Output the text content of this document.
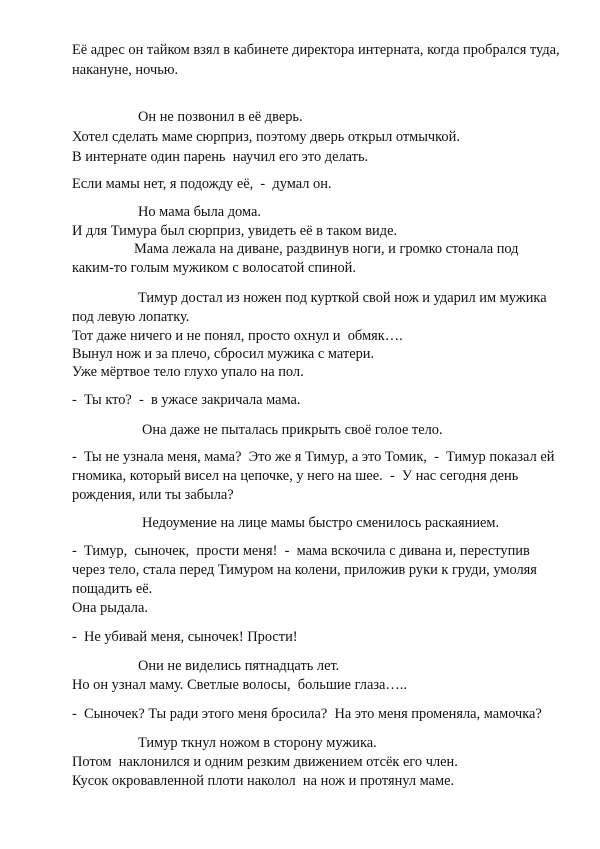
Её адрес он тайком взял в кабинете директора интерната, когда пробрался туда,
накануне, ночью.
Он не позвонил в её дверь.
Хотел сделать маме сюрприз, поэтому дверь открыл отмычкой.
В интернате один парень  научил его это делать.
Если мамы нет, я подожду её,  -  думал он.
Но мама была дома.
И для Тимура был сюрприз, увидеть её в таком виде.
Мама лежала на диване, раздвинув ноги, и громко стонала под
каким-то голым мужиком с волосатой спиной.
Тимур достал из ножен под курткой свой нож и ударил им мужика
под левую лопатку.
Тот даже ничего и не понял, просто охнул и  обмяк….
Вынул нож и за плечо, сбросил мужика с матери.
Уже мёртвое тело глухо упало на пол.
-  Ты кто?  -  в ужасе закричала мама.
Она даже не пыталась прикрыть своё голое тело.
-  Ты не узнала меня, мама?  Это же я Тимур, а это Томик,  -  Тимур показал ей
гномика, который висел на цепочке, у него на шее.  -  У нас сегодня день
рождения, или ты забыла?
Недоумение на лице мамы быстро сменилось раскаянием.
-  Тимур,  сыночек,  прости меня!  -  мама вскочила с дивана и, переступив
через тело, стала перед Тимуром на колени, приложив руки к груди, умоляя
пощадить её.
Она рыдала.
-  Не убивай меня, сыночек! Прости!
Они не виделись пятнадцать лет.
Но он узнал маму. Светлые волосы,  большие глаза…..
-  Сыночек? Ты ради этого меня бросила?  На это меня променяла, мамочка?
Тимур ткнул ножом в сторону мужика.
Потом  наклонился и одним резким движением отсёк его член.
Кусок окровавленной плоти наколол  на нож и протянул маме.
